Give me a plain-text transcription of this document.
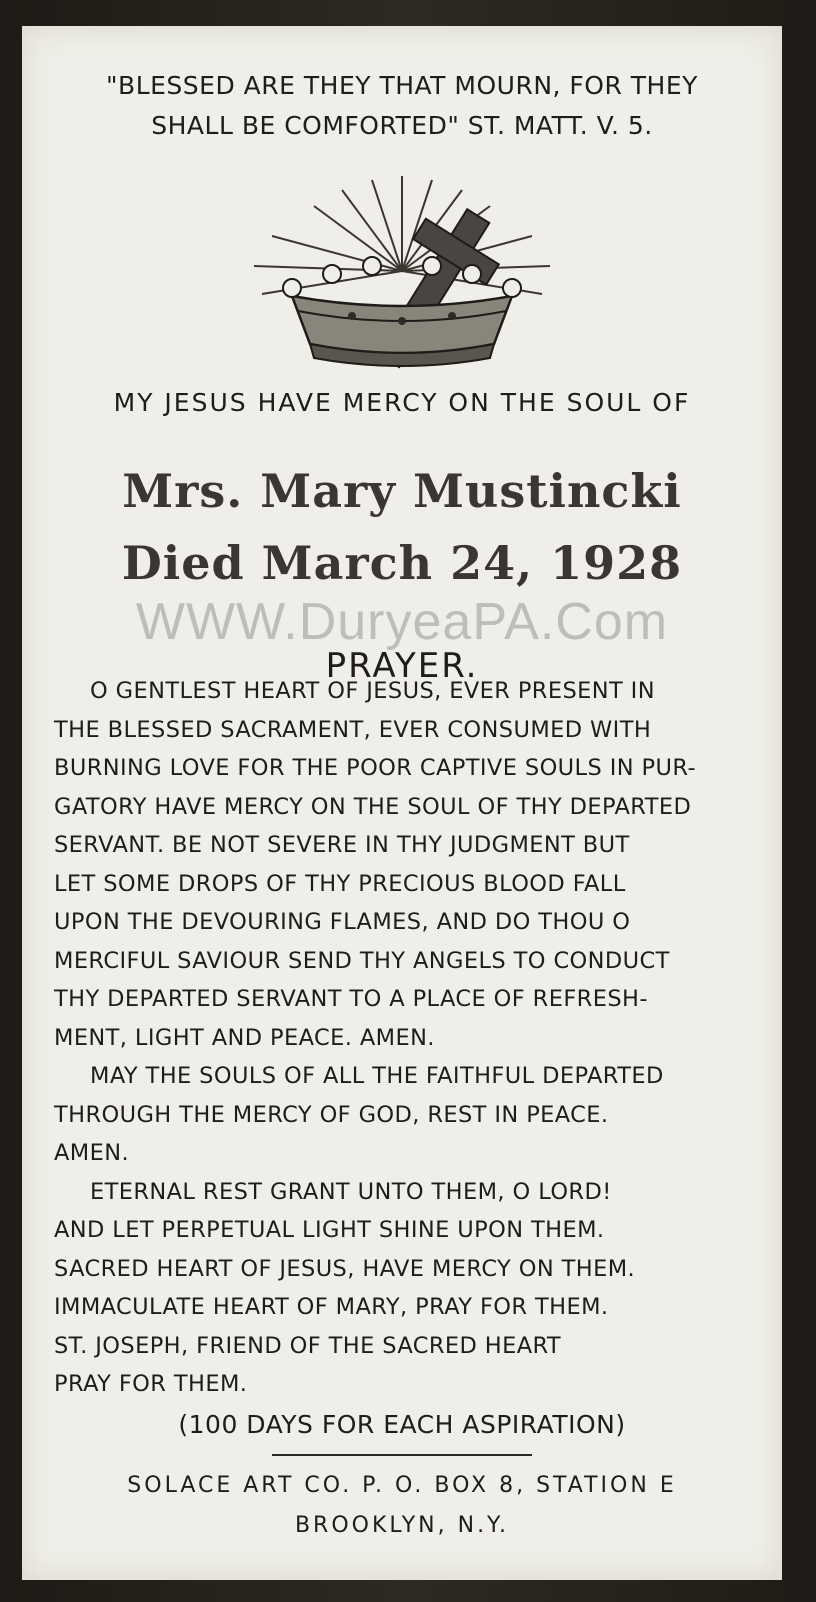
"BLESSED ARE THEY THAT MOURN, FOR THEY
SHALL BE COMFORTED" ST. MATT. V. 5.
MY JESUS HAVE MERCY ON THE SOUL OF
Mrs. Mary Mustincki
Died March 24, 1928
WWW.DuryeaPA.Com
PRAYER.
O GENTLEST HEART OF JESUS, EVER PRESENT IN
THE BLESSED SACRAMENT, EVER CONSUMED WITH
BURNING LOVE FOR THE POOR CAPTIVE SOULS IN PUR-
GATORY HAVE MERCY ON THE SOUL OF THY DEPARTED
SERVANT. BE NOT SEVERE IN THY JUDGMENT BUT
LET SOME DROPS OF THY PRECIOUS BLOOD FALL
UPON THE DEVOURING FLAMES, AND DO THOU O
MERCIFUL SAVIOUR SEND THY ANGELS TO CONDUCT
THY DEPARTED SERVANT TO A PLACE OF REFRESH-
MENT, LIGHT AND PEACE. AMEN.
MAY THE SOULS OF ALL THE FAITHFUL DEPARTED
THROUGH THE MERCY OF GOD, REST IN PEACE.
AMEN.
ETERNAL REST GRANT UNTO THEM, O LORD!
AND LET PERPETUAL LIGHT SHINE UPON THEM.
SACRED HEART OF JESUS, HAVE MERCY ON THEM.
IMMACULATE HEART OF MARY, PRAY FOR THEM.
ST. JOSEPH, FRIEND OF THE SACRED HEART
PRAY FOR THEM.
(100 DAYS FOR EACH ASPIRATION)
SOLACE ART CO. P. O. BOX 8, STATION E
BROOKLYN, N.Y.
